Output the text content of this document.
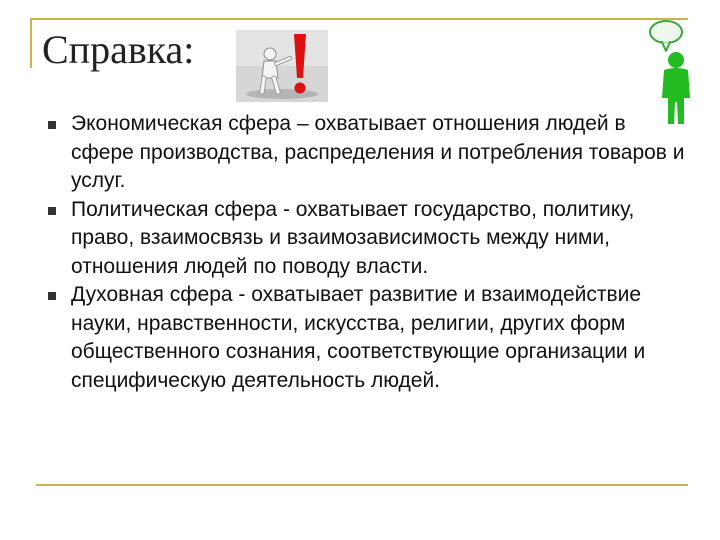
Справка:
Экономическая сфера – охватывает отношения людей в сфере производства, распределения и потребления товаров и услуг.
Политическая сфера - охватывает государство, политику, право, взаимосвязь и взаимозависимость между ними, отношения людей по поводу власти.
Духовная сфера - охватывает развитие и взаимодействие науки, нравственности, искусства, религии, других форм общественного сознания, соответствующие организации и специфическую деятельность людей.
